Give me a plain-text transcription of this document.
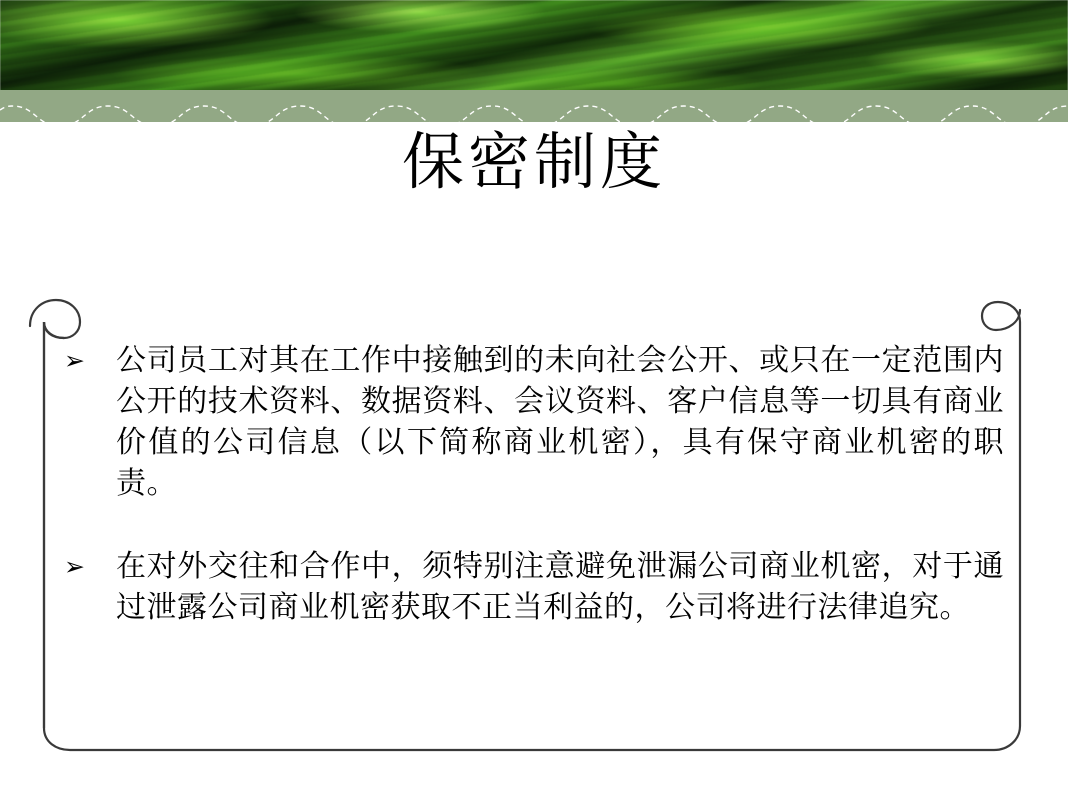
保密制度
➢	公司员工对其在工作中接触到的未向社会公开、或只在一定范围内公开的技术资料、数据资料、会议资料、客户信息等一切具有商业价值的公司信息（以下简称商业机密），具有保守商业机密的职责。
➢	在对外交往和合作中，须特别注意避免泄漏公司商业机密，对于通过泄露公司商业机密获取不正当利益的，公司将进行法律追究。
